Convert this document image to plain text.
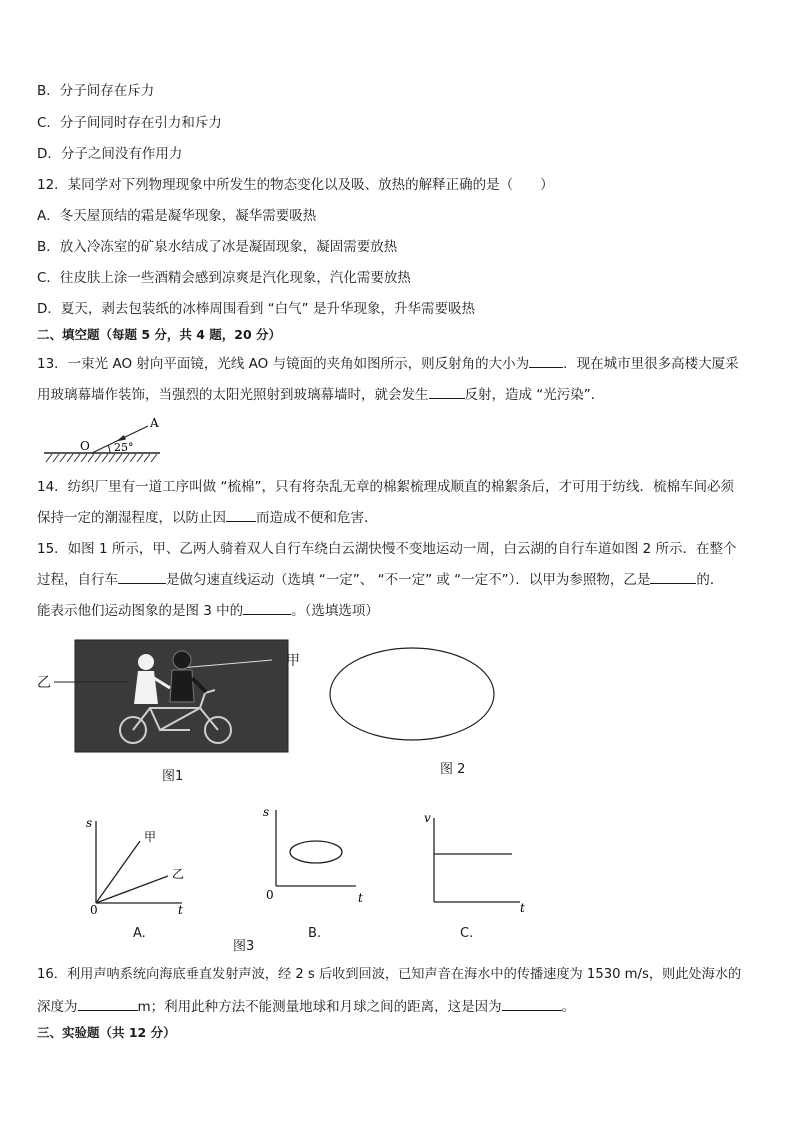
B．分子间存在斥力
C．分子间同时存在引力和斥力
D．分子之间没有作用力
12．某同学对下列物理现象中所发生的物态变化以及吸、放热的解释正确的是（　　）
A．冬天屋顶结的霜是凝华现象，凝华需要吸热
B．放入冷冻室的矿泉水结成了冰是凝固现象，凝固需要放热
C．往皮肤上涂一些酒精会感到凉爽是汽化现象，汽化需要放热
D．夏天，剥去包装纸的冰棒周围看到 “白气” 是升华现象，升华需要吸热
二、填空题（每题 5 分，共 4 题，20 分）
13．一束光 AO 射向平面镜，光线 AO 与镜面的夹角如图所示，则反射角的大小为	．现在城市里很多高楼大厦采
用玻璃幕墙作装饰，当强烈的太阳光照射到玻璃幕墙时，就会发生	反射，造成 “光污染”．
A
O 25°
14．纺织厂里有一道工序叫做 “梳棉”，只有将杂乱无章的棉絮梳理成顺直的棉絮条后，才可用于纺线．梳棉车间必须
保持一定的潮湿程度，以防止因 而造成不便和危害．
15．如图 1 所示，甲、乙两人骑着双人自行车绕白云湖快慢不变地运动一周，白云湖的自行车道如图 2 所示．在整个
过程，自行车	是做匀速直线运动（选填 “一定”、 “不一定” 或 “一定不”）．以甲为参照物，乙是	的．
能表示他们运动图象的是图 3 中的	。（选填选项）
乙
甲
图1	图 2
s
t
0
甲
乙
A.
s
t
0
B.
v
t
C.
图3
16．利用声呐系统向海底垂直发射声波，经 2 s 后收到回波，已知声音在海水中的传播速度为 1530 m/s，则此处海水的
深度为	m；利用此种方法不能测量地球和月球之间的距离，这是因为	。
三、实验题（共 12 分）
